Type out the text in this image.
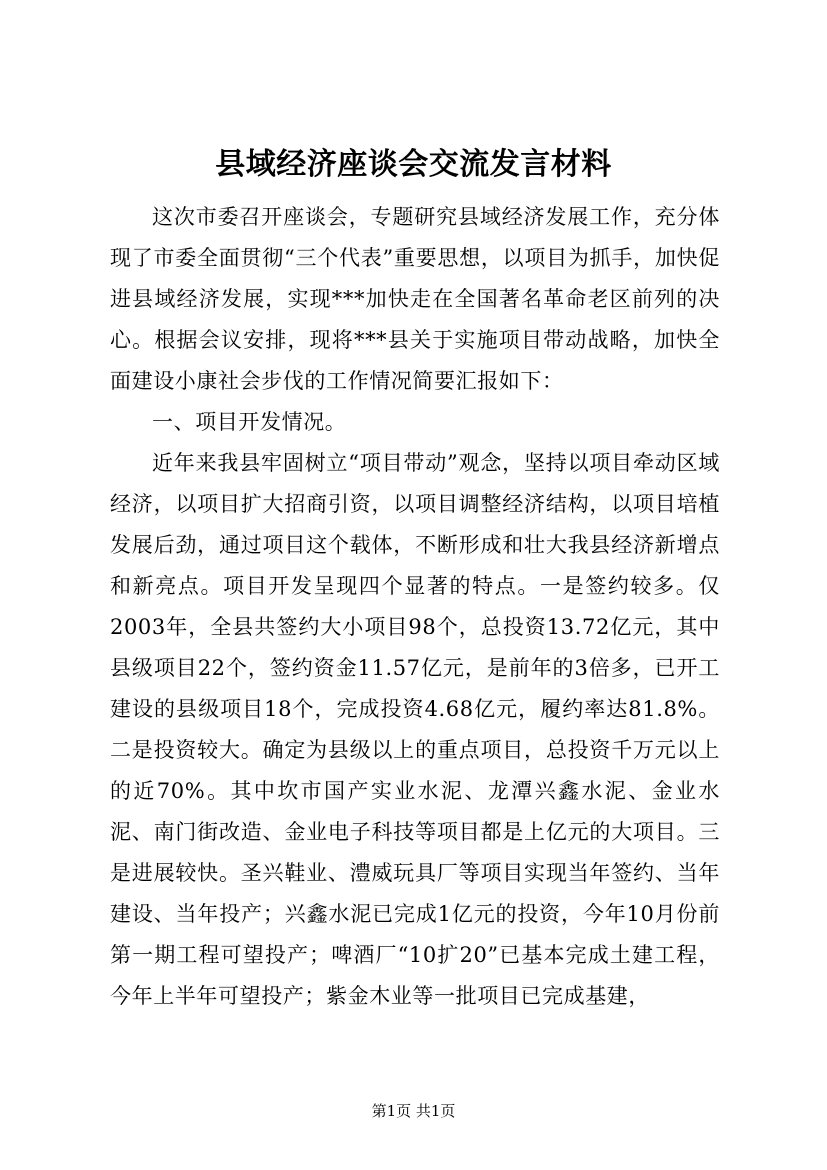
县域经济座谈会交流发言材料

这次市委召开座谈会，专题研究县域经济发展工作，充分体现了市委全面贯彻“三个代表”重要思想，以项目为抓手，加快促进县域经济发展，实现***加快走在全国著名革命老区前列的决心。根据会议安排，现将***县关于实施项目带动战略，加快全面建设小康社会步伐的工作情况简要汇报如下：

一、项目开发情况。

近年来我县牢固树立“项目带动”观念，坚持以项目牵动区域经济，以项目扩大招商引资，以项目调整经济结构，以项目培植发展后劲，通过项目这个载体，不断形成和壮大我县经济新增点和新亮点。项目开发呈现四个显著的特点。一是签约较多。仅2003年，全县共签约大小项目98个，总投资13.72亿元，其中县级项目22个，签约资金11.57亿元，是前年的3倍多，已开工建设的县级项目18个，完成投资4.68亿元，履约率达81.8%。二是投资较大。确定为县级以上的重点项目，总投资千万元以上的近70%。其中坎市国产实业水泥、龙潭兴鑫水泥、金业水泥、南门街改造、金业电子科技等项目都是上亿元的大项目。三是进展较快。圣兴鞋业、澧威玩具厂等项目实现当年签约、当年建设、当年投产；兴鑫水泥已完成1亿元的投资，今年10月份前第一期工程可望投产；啤酒厂“10扩20”已基本完成土建工程，今年上半年可望投产；紫金木业等一批项目已完成基建，

第1页 共1页
